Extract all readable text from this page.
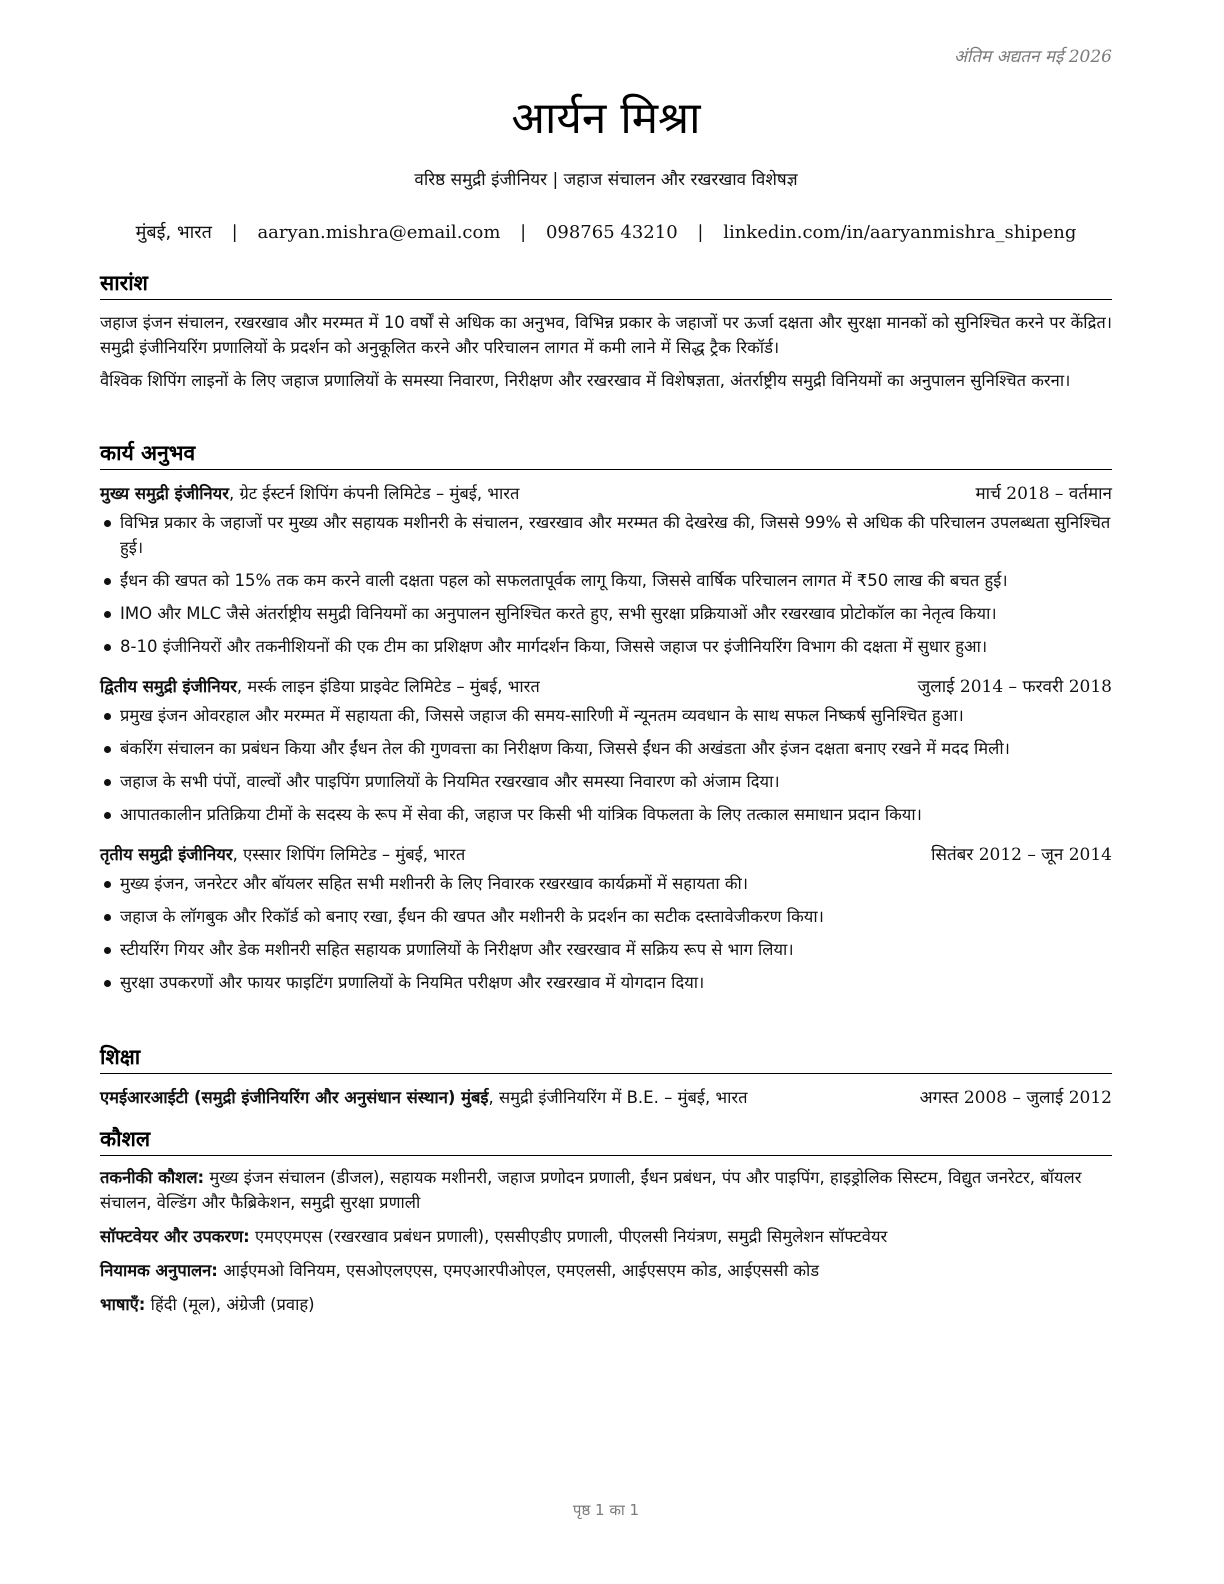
अंतिम अद्यतन मई 2026
आर्यन मिश्रा
वरिष्ठ समुद्री इंजीनियर | जहाज संचालन और रखरखाव विशेषज्ञ
मुंबई, भारत | aaryan.mishra@email.com | 098765 43210 | linkedin.com/in/aaryanmishra_shipeng
सारांश
जहाज इंजन संचालन, रखरखाव और मरम्मत में 10 वर्षों से अधिक का अनुभव, विभिन्न प्रकार के जहाजों पर ऊर्जा दक्षता और सुरक्षा मानकों को सुनिश्चित करने पर केंद्रित। समुद्री इंजीनियरिंग प्रणालियों के प्रदर्शन को अनुकूलित करने और परिचालन लागत में कमी लाने में सिद्ध ट्रैक रिकॉर्ड।
वैश्विक शिपिंग लाइनों के लिए जहाज प्रणालियों के समस्या निवारण, निरीक्षण और रखरखाव में विशेषज्ञता, अंतर्राष्ट्रीय समुद्री विनियमों का अनुपालन सुनिश्चित करना।
कार्य अनुभव
मुख्य समुद्री इंजीनियर, ग्रेट ईस्टर्न शिपिंग कंपनी लिमिटेड – मुंबई, भारत	मार्च 2018 – वर्तमान
विभिन्न प्रकार के जहाजों पर मुख्य और सहायक मशीनरी के संचालन, रखरखाव और मरम्मत की देखरेख की, जिससे 99% से अधिक की परिचालन उपलब्धता सुनिश्चित हुई।
ईंधन की खपत को 15% तक कम करने वाली दक्षता पहल को सफलतापूर्वक लागू किया, जिससे वार्षिक परिचालन लागत में ₹50 लाख की बचत हुई।
IMO और MLC जैसे अंतर्राष्ट्रीय समुद्री विनियमों का अनुपालन सुनिश्चित करते हुए, सभी सुरक्षा प्रक्रियाओं और रखरखाव प्रोटोकॉल का नेतृत्व किया।
8-10 इंजीनियरों और तकनीशियनों की एक टीम का प्रशिक्षण और मार्गदर्शन किया, जिससे जहाज पर इंजीनियरिंग विभाग की दक्षता में सुधार हुआ।
द्वितीय समुद्री इंजीनियर, मर्स्क लाइन इंडिया प्राइवेट लिमिटेड – मुंबई, भारत	जुलाई 2014 – फरवरी 2018
प्रमुख इंजन ओवरहाल और मरम्मत में सहायता की, जिससे जहाज की समय-सारिणी में न्यूनतम व्यवधान के साथ सफल निष्कर्ष सुनिश्चित हुआ।
बंकरिंग संचालन का प्रबंधन किया और ईंधन तेल की गुणवत्ता का निरीक्षण किया, जिससे ईंधन की अखंडता और इंजन दक्षता बनाए रखने में मदद मिली।
जहाज के सभी पंपों, वाल्वों और पाइपिंग प्रणालियों के नियमित रखरखाव और समस्या निवारण को अंजाम दिया।
आपातकालीन प्रतिक्रिया टीमों के सदस्य के रूप में सेवा की, जहाज पर किसी भी यांत्रिक विफलता के लिए तत्काल समाधान प्रदान किया।
तृतीय समुद्री इंजीनियर, एस्सार शिपिंग लिमिटेड – मुंबई, भारत	सितंबर 2012 – जून 2014
मुख्य इंजन, जनरेटर और बॉयलर सहित सभी मशीनरी के लिए निवारक रखरखाव कार्यक्रमों में सहायता की।
जहाज के लॉगबुक और रिकॉर्ड को बनाए रखा, ईंधन की खपत और मशीनरी के प्रदर्शन का सटीक दस्तावेजीकरण किया।
स्टीयरिंग गियर और डेक मशीनरी सहित सहायक प्रणालियों के निरीक्षण और रखरखाव में सक्रिय रूप से भाग लिया।
सुरक्षा उपकरणों और फायर फाइटिंग प्रणालियों के नियमित परीक्षण और रखरखाव में योगदान दिया।
शिक्षा
एमईआरआईटी (समुद्री इंजीनियरिंग और अनुसंधान संस्थान) मुंबई, समुद्री इंजीनियरिंग में B.E. – मुंबई, भारत	अगस्त 2008 – जुलाई 2012
कौशल
तकनीकी कौशल: मुख्य इंजन संचालन (डीजल), सहायक मशीनरी, जहाज प्रणोदन प्रणाली, ईंधन प्रबंधन, पंप और पाइपिंग, हाइड्रोलिक सिस्टम, विद्युत जनरेटर, बॉयलर संचालन, वेल्डिंग और फैब्रिकेशन, समुद्री सुरक्षा प्रणाली
सॉफ्टवेयर और उपकरण: एमएएमएस (रखरखाव प्रबंधन प्रणाली), एससीएडीए प्रणाली, पीएलसी नियंत्रण, समुद्री सिमुलेशन सॉफ्टवेयर
नियामक अनुपालन: आईएमओ विनियम, एसओएलएएस, एमएआरपीओएल, एमएलसी, आईएसएम कोड, आईएससी कोड
भाषाएँ: हिंदी (मूल), अंग्रेजी (प्रवाह)
पृष्ठ 1 का 1
